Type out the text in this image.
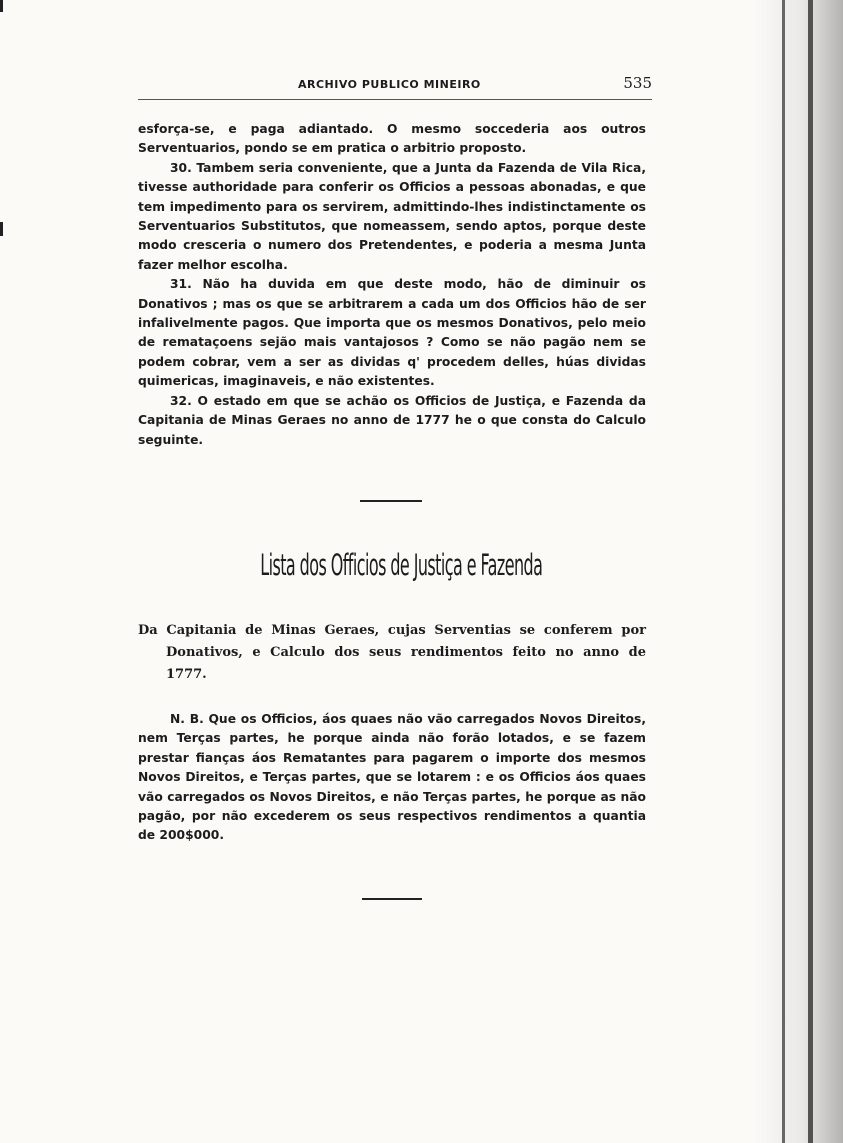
ARCHIVO PUBLICO MINEIRO	535

esforça-se, e paga adiantado. O mesmo soccederia aos outros Serventuarios, pondo se em pratica o arbitrio proposto.

30. Tambem seria conveniente, que a Junta da Fazenda de Vila Rica, tivesse authoridade para conferir os Officios a pessoas abonadas, e que tem impedimento para os servirem, admittindo-lhes indistinctamente os Serventuarios Substitutos, que nomeassem, sendo aptos, porque deste modo cresceria o numero dos Pretendentes, e poderia a mesma Junta fazer melhor escolha.

31. Não ha duvida em que deste modo, hão de diminuir os Donativos ; mas os que se arbitrarem a cada um dos Officios hão de ser infalivelmente pagos. Que importa que os mesmos Donativos, pelo meio de remataçoens sejão mais vantajosos ? Como se não pagão nem se podem cobrar, vem a ser as dividas q' procedem delles, húas dividas quimericas, imaginaveis, e não existentes.

32. O estado em que se achão os Officios de Justiça, e Fazenda da Capitania de Minas Geraes no anno de 1777 he o que consta do Calculo seguinte.

Lista dos Officios de Justiça e Fazenda
Da Capitania de Minas Geraes, cujas Serventias se conferem por Donativos, e Calculo dos seus rendimentos feito no anno de 1777.

N. B. Que os Officios, áos quaes não vão carregados Novos Direitos, nem Terças partes, he porque ainda não forão lotados, e se fazem prestar fianças áos Rematantes para pagarem o importe dos mesmos Novos Direitos, e Terças partes, que se lotarem : e os Officios áos quaes vão carregados os Novos Direitos, e não Terças partes, he porque as não pagão, por não excederem os seus respectivos rendimentos a quantia de 200$000.
